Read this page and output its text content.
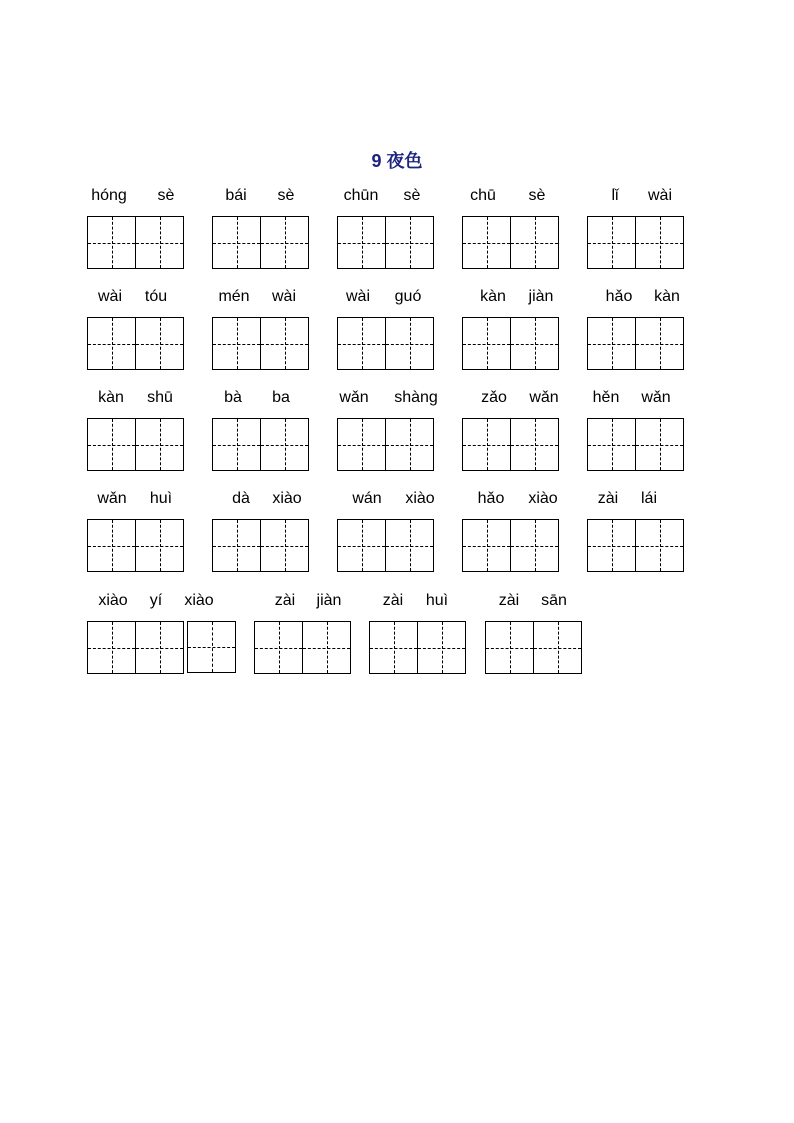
9 夜色
hóng	sè	bái	sè	chūn	sè	chū	sè	lǐ	wài
wài	tóu	mén	wài	wài	guó	kàn	jiàn	hǎo	kàn
kàn	shū	bà	ba	wǎn	shàng	zǎo	wǎn	hěn	wǎn
wǎn	huì	dà	xiào	wán	xiào	hǎo	xiào	zài	lái
xiào	yí	xiào	zài	jiàn	zài	huì	zài	sān
